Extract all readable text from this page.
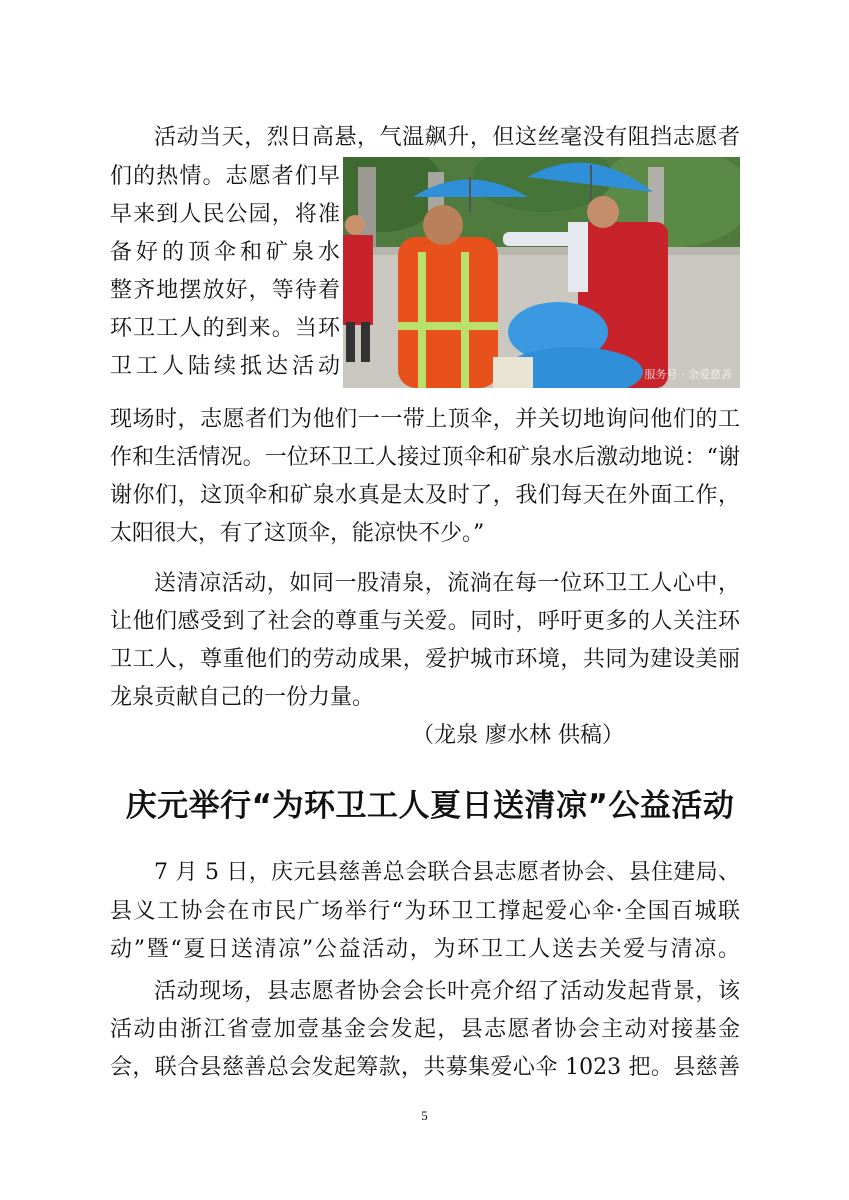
活动当天，烈日高悬，气温飙升，但这丝毫没有阻挡志愿者
们的热情。志愿者们早
早来到人民公园，将准
备好的顶伞和矿泉水
整齐地摆放好，等待着
环卫工人的到来。当环
卫工人陆续抵达活动
现场时，志愿者们为他们一一带上顶伞，并关切地询问他们的工
作和生活情况。一位环卫工人接过顶伞和矿泉水后激动地说：“谢
谢你们，这顶伞和矿泉水真是太及时了，我们每天在外面工作，
太阳很大，有了这顶伞，能凉快不少。”
送清凉活动，如同一股清泉，流淌在每一位环卫工人心中，
让他们感受到了社会的尊重与关爱。同时，呼吁更多的人关注环
卫工人，尊重他们的劳动成果，爱护城市环境，共同为建设美丽
龙泉贡献自己的一份力量。
（龙泉 廖水林 供稿）
服务号 · 余爱慈善
庆元举行“为环卫工人夏日送清凉”公益活动
7 月 5 日，庆元县慈善总会联合县志愿者协会、县住建局、
县义工协会在市民广场举行“为环卫工撑起爱心伞·全国百城联
动”暨“夏日送清凉”公益活动，为环卫工人送去关爱与清凉。
活动现场，县志愿者协会会长叶亮介绍了活动发起背景，该
活动由浙江省壹加壹基金会发起，县志愿者协会主动对接基金
会，联合县慈善总会发起筹款，共募集爱心伞 1023 把。县慈善
5
